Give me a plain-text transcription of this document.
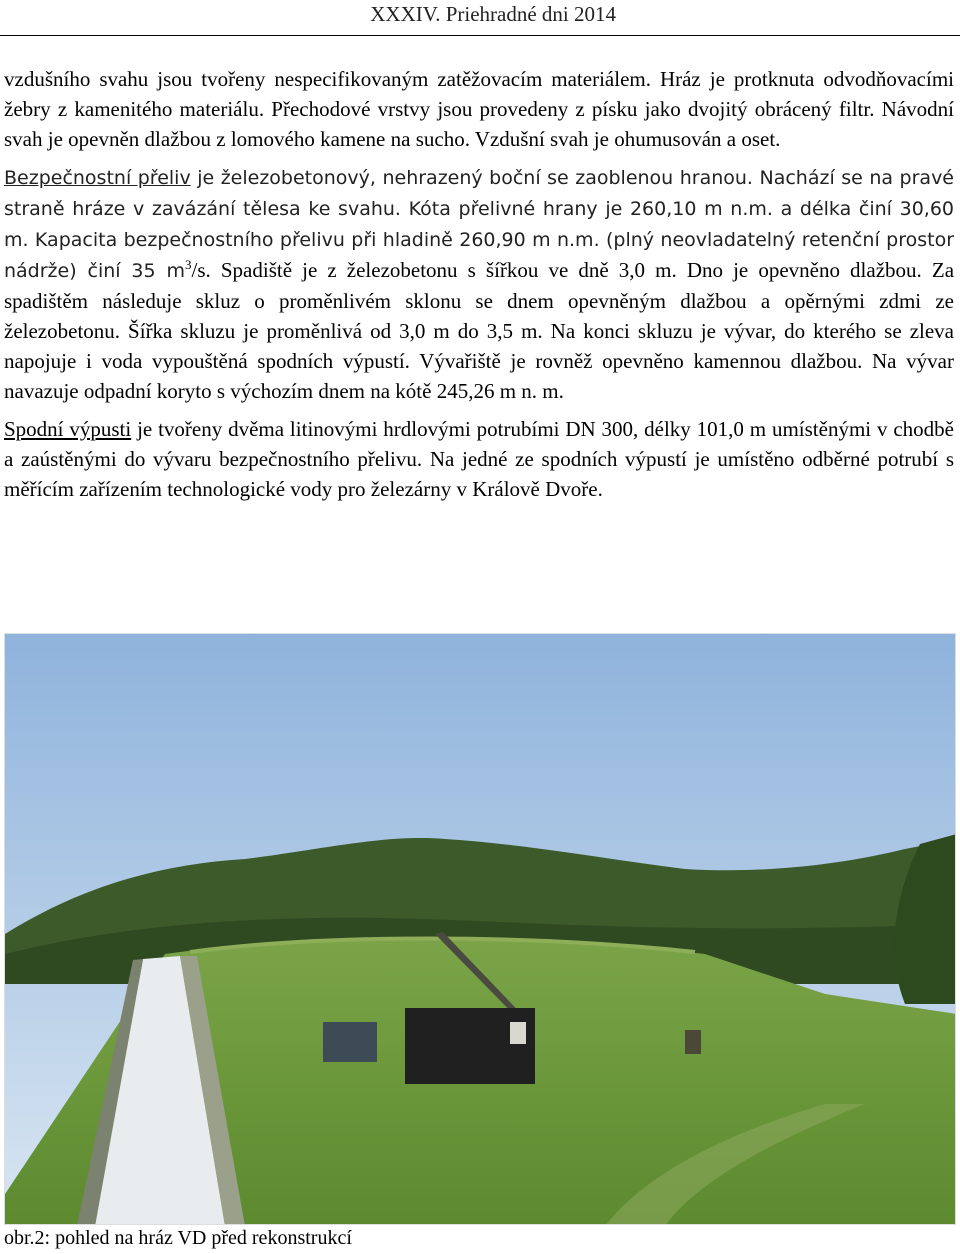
XXXIV. Priehradné dni 2014

vzdušního svahu jsou tvořeny nespecifikovaným zatěžovacím materiálem. Hráz je protknuta odvodňovacími žebry z kamenitého materiálu. Přechodové vrstvy jsou provedeny z písku jako dvojitý obrácený filtr. Návodní svah je opevněn dlažbou z lomového kamene na sucho. Vzdušní svah je ohumusován a oset.

Bezpečnostní přeliv je železobetonový, nehrazený boční se zaoblenou hranou. Nachází se na pravé straně hráze v zavázání tělesa ke svahu. Kóta přelivné hrany je 260,10 m n.m. a délka činí 30,60 m. Kapacita bezpečnostního přelivu při hladině 260,90 m n.m. (plný neovladatelný retenční prostor nádrže) činí 35 $m^3/s$. Spadiště je z železobetonu s šířkou ve dně 3,0 m. Dno je opevněno dlažbou. Za spadištěm následuje skluz o proměnlivém sklonu se dnem opevněným dlažbou a opěrnými zdmi ze železobetonu. Šířka skluzu je proměnlivá od 3,0 m do 3,5 m. Na konci skluzu je vývar, do kterého se zleva napojuje i voda vypouštěná spodních výpustí. Vývařiště je rovněž opevněno kamennou dlažbou. Na vývar navazuje odpadní koryto s výchozím dnem na kótě 245,26 m n. m.

Spodní výpusti je tvořeny dvěma litinovými hrdlovými potrubími DN 300, délky 101,0 m umístěnými v chodbě a zaústěnými do vývaru bezpečnostního přelivu. Na jedné ze spodních výpustí je umístěno odběrné potrubí s měřícím zařízením technologické vody pro železárny v Králově Dvoře.

obr.2: pohled na hráz VD před rekonstrukcí
